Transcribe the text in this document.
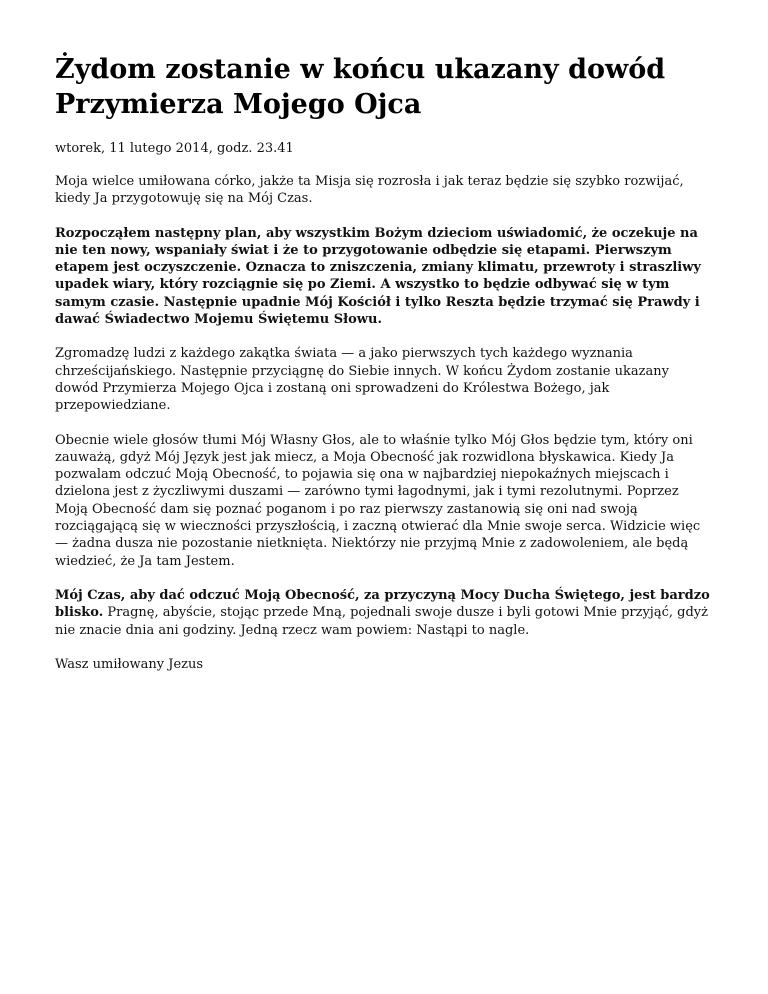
Żydom zostanie w końcu ukazany dowód
Przymierza Mojego Ojca

wtorek, 11 lutego 2014, godz. 23.41

Moja wielce umiłowana córko, jakże ta Misja się rozrosła i jak teraz będzie się szybko rozwijać, kiedy Ja przygotowuję się na Mój Czas.

Rozpocząłem następny plan, aby wszystkim Bożym dzieciom uświadomić, że oczekuje na nie ten nowy, wspaniały świat i że to przygotowanie odbędzie się etapami. Pierwszym etapem jest oczyszczenie. Oznacza to zniszczenia, zmiany klimatu, przewroty i straszliwy upadek wiary, który rozciągnie się po Ziemi. A wszystko to będzie odbywać się w tym samym czasie. Następnie upadnie Mój Kościół i tylko Reszta będzie trzymać się Prawdy i dawać Świadectwo Mojemu Świętemu Słowu.

Zgromadzę ludzi z każdego zakątka świata — a jako pierwszych tych każdego wyznania chrześcijańskiego. Następnie przyciągnę do Siebie innych. W końcu Żydom zostanie ukazany dowód Przymierza Mojego Ojca i zostaną oni sprowadzeni do Królestwa Bożego, jak przepowiedziane.

Obecnie wiele głosów tłumi Mój Własny Głos, ale to właśnie tylko Mój Głos będzie tym, który oni zauważą, gdyż Mój Język jest jak miecz, a Moja Obecność jak rozwidlona błyskawica. Kiedy Ja pozwalam odczuć Moją Obecność, to pojawia się ona w najbardziej niepokaźnych miejscach i dzielona jest z życzliwymi duszami — zarówno tymi łagodnymi, jak i tymi rezolutnymi. Poprzez Moją Obecność dam się poznać poganom i po raz pierwszy zastanowią się oni nad swoją rozciągającą się w wieczności przyszłością, i zaczną otwierać dla Mnie swoje serca. Widzicie więc — żadna dusza nie pozostanie nietknięta. Niektórzy nie przyjmą Mnie z zadowoleniem, ale będą wiedzieć, że Ja tam Jestem.

Mój Czas, aby dać odczuć Moją Obecność, za przyczyną Mocy Ducha Świętego, jest bardzo blisko. Pragnę, abyście, stojąc przede Mną, pojednali swoje dusze i byli gotowi Mnie przyjąć, gdyż nie znacie dnia ani godziny. Jedną rzecz wam powiem: Nastąpi to nagle.

Wasz umiłowany Jezus
